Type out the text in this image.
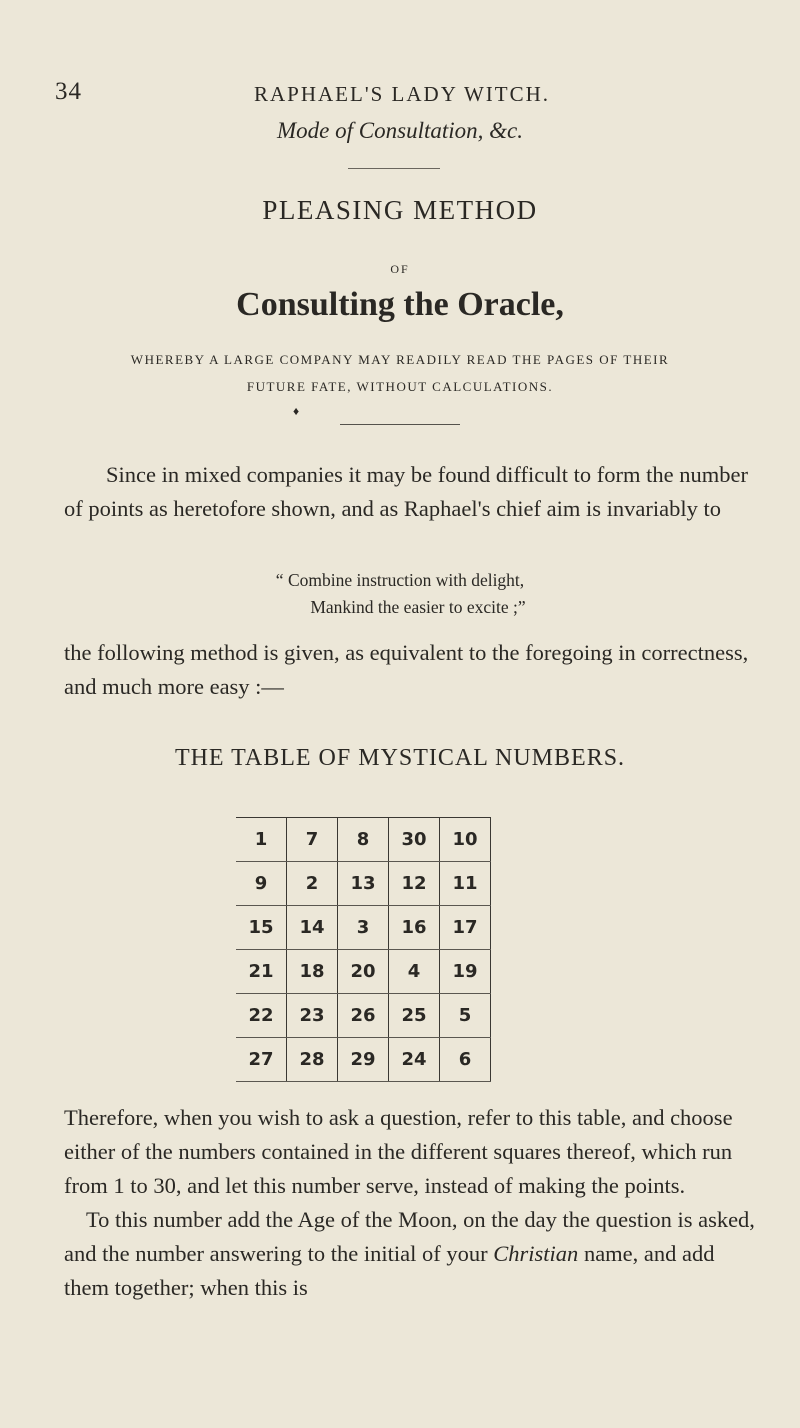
34	RAPHAEL'S LADY WITCH.
Mode of Consultation, &c.
PLEASING METHOD
OF
Consulting the Oracle,
WHEREBY A LARGE COMPANY MAY READILY READ THE PAGES OF THEIR
FUTURE FATE, WITHOUT CALCULATIONS.
♦
Since in mixed companies it may be found difficult to form the number of points as heretofore shown, and as Raphael's chief aim is invariably to
“ Combine instruction with delight,
Mankind the easier to excite ;”
the following method is given, as equivalent to the foregoing in correctness, and much more easy :—
THE TABLE OF MYSTICAL NUMBERS.
1	7	8	30	10
9	2	13	12	11
15	14	3	16	17
21	18	20	4	19
22	23	26	25	5
27	28	29	24	6

Therefore, when you wish to ask a question, refer to this table, and choose either of the numbers contained in the different squares thereof, which run from 1 to 30, and let this number serve, instead of making the points.

To this number add the Age of the Moon, on the day the question is asked, and the number answering to the initial of your Christian name, and add them together; when this is
